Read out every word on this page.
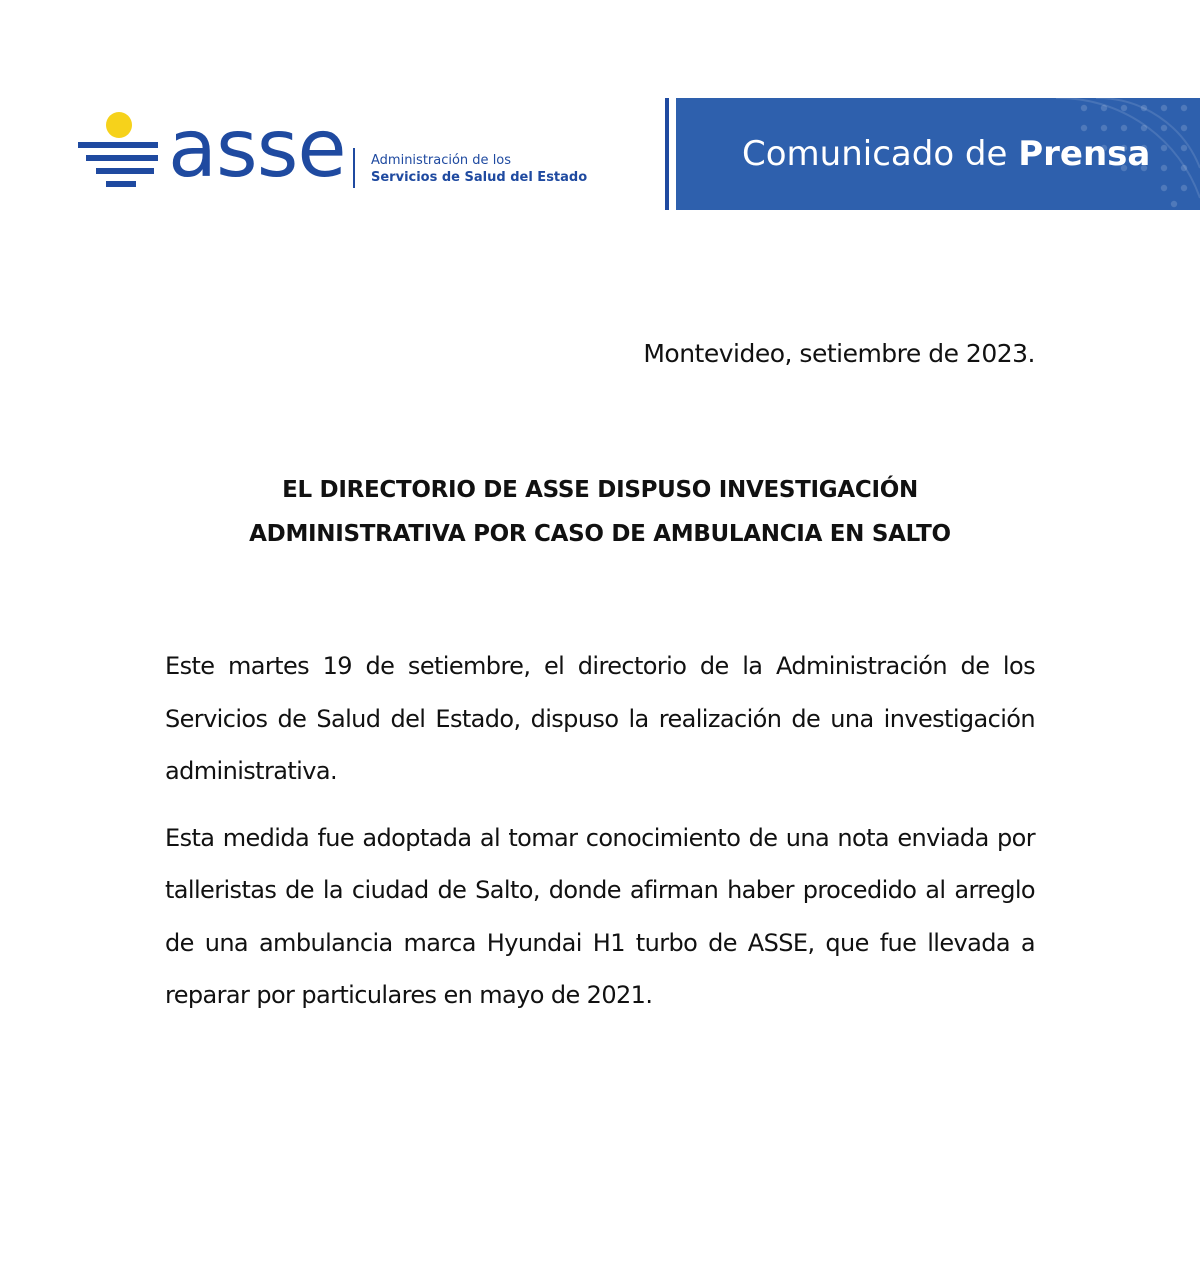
asse Administración de los
Servicios de Salud del Estado
Comunicado de Prensa
Montevideo, setiembre de 2023.
EL DIRECTORIO DE ASSE DISPUSO INVESTIGACIÓN
ADMINISTRATIVA POR CASO DE AMBULANCIA EN SALTO

Este martes 19 de setiembre, el directorio de la Administración de los Servicios de Salud del Estado, dispuso la realización de una investigación administrativa.

Esta medida fue adoptada al tomar conocimiento de una nota enviada por talleristas de la ciudad de Salto, donde afirman haber procedido al arreglo de una ambulancia marca Hyundai H1 turbo de ASSE, que fue llevada a reparar por particulares en mayo de 2021.
